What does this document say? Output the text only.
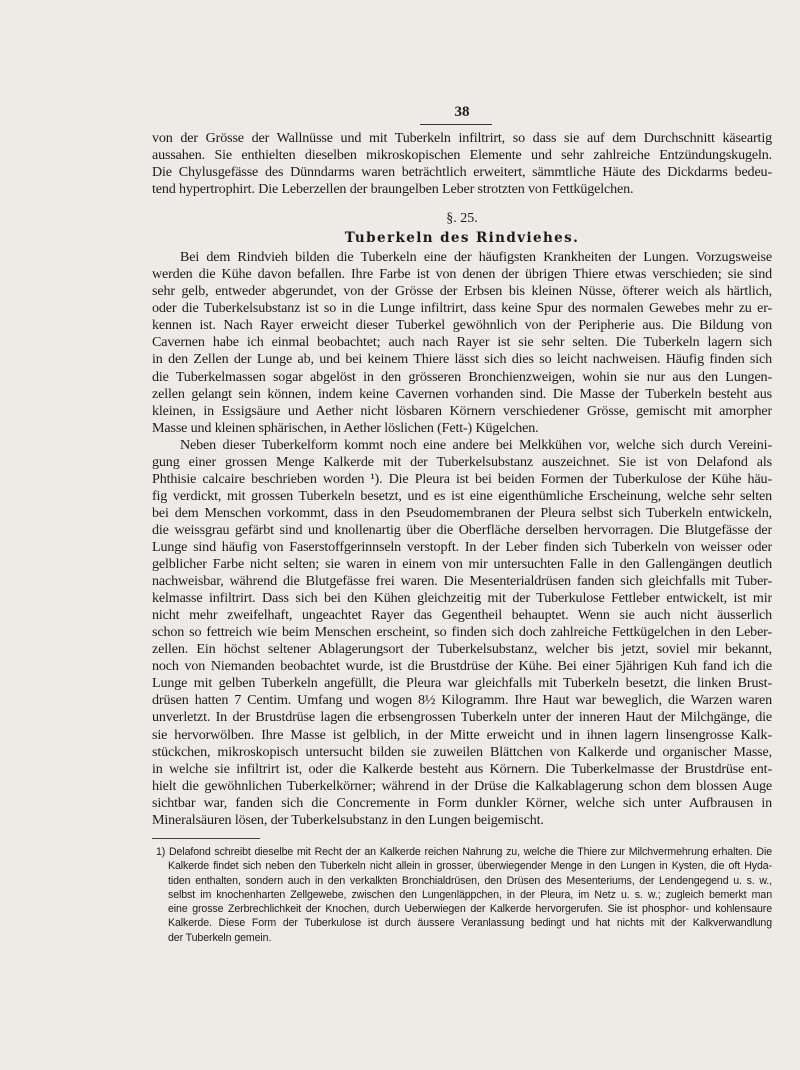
38
von der Grösse der Wallnüsse und mit Tuberkeln infiltrirt, so dass sie auf dem Durchschnitt käseartig
aussahen. Sie enthielten dieselben mikroskopischen Elemente und sehr zahlreiche Entzündungskugeln.
Die Chylusgefässe des Dünndarms waren beträchtlich erweitert, sämmtliche Häute des Dickdarms bedeu-
tend hypertrophirt. Die Leberzellen der braungelben Leber strotzten von Fettkügelchen.
§. 25.
Tuberkeln des Rindviehes.
Bei dem Rindvieh bilden die Tuberkeln eine der häufigsten Krankheiten der Lungen. Vorzugsweise
werden die Kühe davon befallen. Ihre Farbe ist von denen der übrigen Thiere etwas verschieden; sie sind
sehr gelb, entweder abgerundet, von der Grösse der Erbsen bis kleinen Nüsse, öfterer weich als härtlich,
oder die Tuberkelsubstanz ist so in die Lunge infiltrirt, dass keine Spur des normalen Gewebes mehr zu er-
kennen ist. Nach Rayer erweicht dieser Tuberkel gewöhnlich von der Peripherie aus. Die Bildung von
Cavernen habe ich einmal beobachtet; auch nach Rayer ist sie sehr selten. Die Tuberkeln lagern sich
in den Zellen der Lunge ab, und bei keinem Thiere lässt sich dies so leicht nachweisen. Häufig finden sich
die Tuberkelmassen sogar abgelöst in den grösseren Bronchienzweigen, wohin sie nur aus den Lungen-
zellen gelangt sein können, indem keine Cavernen vorhanden sind. Die Masse der Tuberkeln besteht aus
kleinen, in Essigsäure und Aether nicht lösbaren Körnern verschiedener Grösse, gemischt mit amorpher
Masse und kleinen sphärischen, in Aether löslichen (Fett-) Kügelchen.
Neben dieser Tuberkelform kommt noch eine andere bei Melkkühen vor, welche sich durch Vereini-
gung einer grossen Menge Kalkerde mit der Tuberkelsubstanz auszeichnet. Sie ist von Delafond als
Phthisie calcaire beschrieben worden ¹). Die Pleura ist bei beiden Formen der Tuberkulose der Kühe häu-
fig verdickt, mit grossen Tuberkeln besetzt, und es ist eine eigenthümliche Erscheinung, welche sehr selten
bei dem Menschen vorkommt, dass in den Pseudomembranen der Pleura selbst sich Tuberkeln entwickeln,
die weissgrau gefärbt sind und knollenartig über die Oberfläche derselben hervorragen. Die Blutgefässe der
Lunge sind häufig von Faserstoffgerinnseln verstopft. In der Leber finden sich Tuberkeln von weisser oder
gelblicher Farbe nicht selten; sie waren in einem von mir untersuchten Falle in den Gallengängen deutlich
nachweisbar, während die Blutgefässe frei waren. Die Mesenterialdrüsen fanden sich gleichfalls mit Tuber-
kelmasse infiltrirt. Dass sich bei den Kühen gleichzeitig mit der Tuberkulose Fettleber entwickelt, ist mir
nicht mehr zweifelhaft, ungeachtet Rayer das Gegentheil behauptet. Wenn sie auch nicht äusserlich
schon so fettreich wie beim Menschen erscheint, so finden sich doch zahlreiche Fettkügelchen in den Leber-
zellen. Ein höchst seltener Ablagerungsort der Tuberkelsubstanz, welcher bis jetzt, soviel mir bekannt,
noch von Niemanden beobachtet wurde, ist die Brustdrüse der Kühe. Bei einer 5jährigen Kuh fand ich die
Lunge mit gelben Tuberkeln angefüllt, die Pleura war gleichfalls mit Tuberkeln besetzt, die linken Brust-
drüsen hatten 7 Centim. Umfang und wogen 8½ Kilogramm. Ihre Haut war beweglich, die Warzen waren
unverletzt. In der Brustdrüse lagen die erbsengrossen Tuberkeln unter der inneren Haut der Milchgänge, die
sie hervorwölben. Ihre Masse ist gelblich, in der Mitte erweicht und in ihnen lagern linsengrosse Kalk-
stückchen, mikroskopisch untersucht bilden sie zuweilen Blättchen von Kalkerde und organischer Masse,
in welche sie infiltrirt ist, oder die Kalkerde besteht aus Körnern. Die Tuberkelmasse der Brustdrüse ent-
hielt die gewöhnlichen Tuberkelkörner; während in der Drüse die Kalkablagerung schon dem blossen Auge
sichtbar war, fanden sich die Concremente in Form dunkler Körner, welche sich unter Aufbrausen in
Mineralsäuren lösen, der Tuberkelsubstanz in den Lungen beigemischt.
1) Delafond schreibt dieselbe mit Recht der an Kalkerde reichen Nahrung zu, welche die Thiere zur Milchvermehrung erhalten. Die
Kalkerde findet sich neben den Tuberkeln nicht allein in grosser, überwiegender Menge in den Lungen in Kysten, die oft Hyda-
tiden enthalten, sondern auch in den verkalkten Bronchialdrüsen, den Drüsen des Mesenteriums, der Lendengegend u. s. w.,
selbst im knochenharten Zellgewebe, zwischen den Lungenläppchen, in der Pleura, im Netz u. s. w.; zugleich bemerkt man
eine grosse Zerbrechlichkeit der Knochen, durch Ueberwiegen der Kalkerde hervorgerufen. Sie ist phosphor- und kohlensaure
Kalkerde. Diese Form der Tuberkulose ist durch äussere Veranlassung bedingt und hat nichts mit der Kalkverwandlung
der Tuberkeln gemein.
